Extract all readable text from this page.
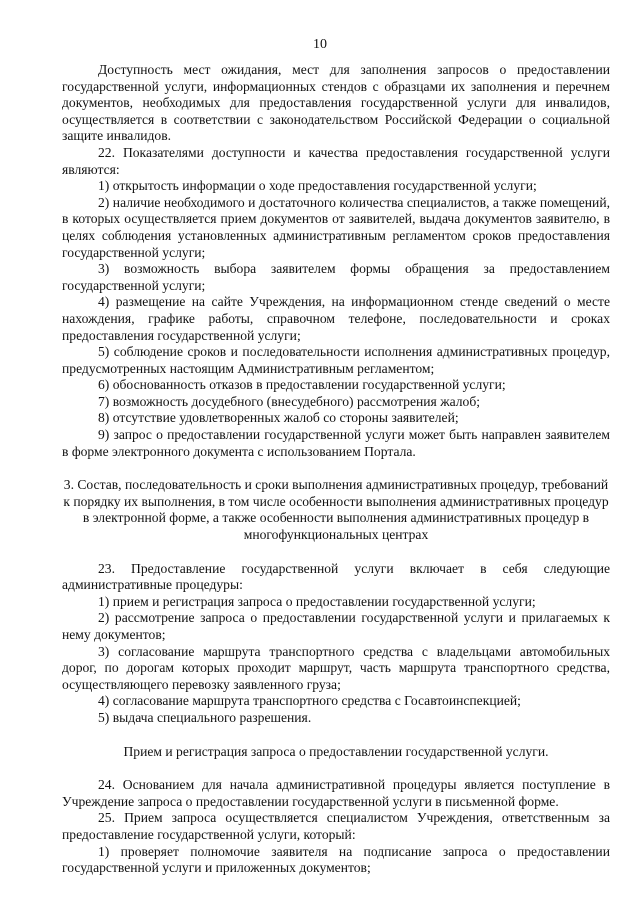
10

Доступность мест ожидания, мест для заполнения запросов о предоставлении государственной услуги, информационных стендов с образцами их заполнения и перечнем документов, необходимых для предоставления государственной услуги для инвалидов, осуществляется в соответствии с законодательством Российской Федерации о социальной защите инвалидов.

22. Показателями доступности и качества предоставления государственной услуги являются:

1) открытость информации о ходе предоставления государственной услуги;

2) наличие необходимого и достаточного количества специалистов, а также помещений, в которых осуществляется прием документов от заявителей, выдача документов заявителю, в целях соблюдения установленных административным регламентом сроков предоставления государственной услуги;

3) возможность выбора заявителем формы обращения за предоставлением государственной услуги;

4) размещение на сайте Учреждения, на информационном стенде сведений о месте нахождения, графике работы, справочном телефоне, последовательности и сроках предоставления государственной услуги;

5) соблюдение сроков и последовательности исполнения административных процедур, предусмотренных настоящим Административным регламентом;

6) обоснованность отказов в предоставлении государственной услуги;

7) возможность досудебного (внесудебного) рассмотрения жалоб;

8) отсутствие удовлетворенных жалоб со стороны заявителей;

9) запрос о предоставлении государственной услуги может быть направлен заявителем в форме электронного документа с использованием Портала.

3. Состав, последовательность и сроки выполнения административных процедур, требований к порядку их выполнения, в том числе особенности выполнения административных процедур в электронной форме, а также особенности выполнения административных процедур в многофункциональных центрах

23. Предоставление государственной услуги включает в себя следующие административные процедуры:

1) прием и регистрация запроса о предоставлении государственной услуги;

2) рассмотрение запроса о предоставлении государственной услуги и прилагаемых к нему документов;

3) согласование маршрута транспортного средства с владельцами автомобильных дорог, по дорогам которых проходит маршрут, часть маршрута транспортного средства, осуществляющего перевозку заявленного груза;

4) согласование маршрута транспортного средства с Госавтоинспекцией;

5) выдача специального разрешения.

Прием и регистрация запроса о предоставлении государственной услуги.

24. Основанием для начала административной процедуры является поступление в Учреждение запроса о предоставлении государственной услуги в письменной форме.

25. Прием запроса осуществляется специалистом Учреждения, ответственным за предоставление государственной услуги, который:

1) проверяет полномочие заявителя на подписание запроса о предоставлении государственной услуги и приложенных документов;
